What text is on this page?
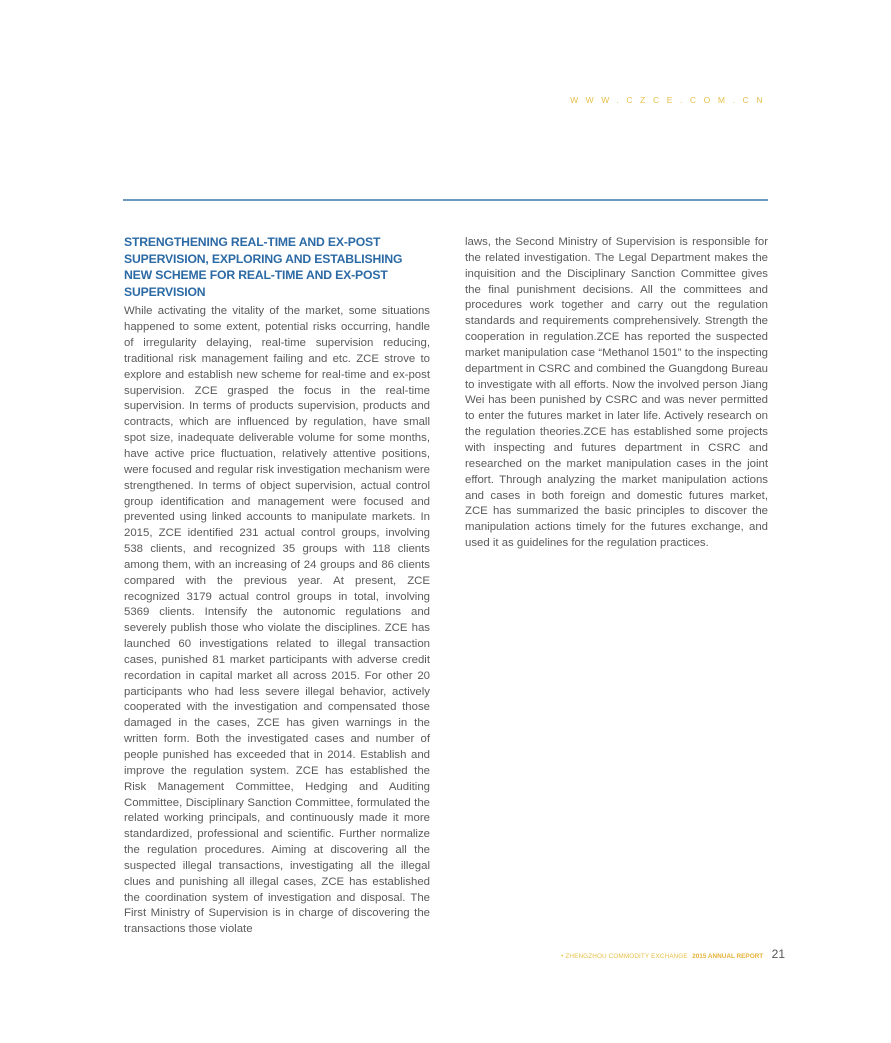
WWW.CZCE.COM.CN
STRENGTHENING REAL-TIME AND EX-POST SUPERVISION, EXPLORING AND ESTABLISHING NEW SCHEME FOR REAL-TIME AND EX-POST SUPERVISION

While activating the vitality of the market, some situations happened to some extent, potential risks occurring, handle of irregularity delaying, real-time supervision reducing, traditional risk management failing and etc. ZCE strove to explore and establish new scheme for real-time and ex-post supervision. ZCE grasped the focus in the real-time supervision. In terms of products supervision, products and contracts, which are influenced by regulation, have small spot size, inadequate deliverable volume for some months, have active price fluctuation, relatively attentive positions, were focused and regular risk investigation mechanism were strengthened. In terms of object supervision, actual control group identification and management were focused and prevented using linked accounts to manipulate markets. In 2015, ZCE identified 231 actual control groups, involving 538 clients, and recognized 35 groups with 118 clients among them, with an increasing of 24 groups and 86 clients compared with the previous year. At present, ZCE recognized 3179 actual control groups in total, involving 5369 clients. Intensify the autonomic regulations and severely publish those who violate the disciplines. ZCE has launched 60 investigations related to illegal transaction cases, punished 81 market participants with adverse credit recordation in capital market all across 2015. For other 20 participants who had less severe illegal behavior, actively cooperated with the investigation and compensated those damaged in the cases, ZCE has given warnings in the written form. Both the investigated cases and number of people punished has exceeded that in 2014. Establish and improve the regulation system. ZCE has established the Risk Management Committee, Hedging and Auditing Committee, Disciplinary Sanction Committee, formulated the related working principals, and continuously made it more standardized, professional and scientific. Further normalize the regulation procedures. Aiming at discovering all the suspected illegal transactions, investigating all the illegal clues and punishing all illegal cases, ZCE has established the coordination system of investigation and disposal. The First Ministry of Supervision is in charge of discovering the transactions those violate

laws, the Second Ministry of Supervision is responsible for the related investigation. The Legal Department makes the inquisition and the Disciplinary Sanction Committee gives the final punishment decisions. All the committees and procedures work together and carry out the regulation standards and requirements comprehensively. Strength the cooperation in regulation.ZCE has reported the suspected market manipulation case “Methanol 1501” to the inspecting department in CSRC and combined the Guangdong Bureau to investigate with all efforts. Now the involved person Jiang Wei has been punished by CSRC and was never permitted to enter the futures market in later life. Actively research on the regulation theories.ZCE has established some projects with inspecting and futures department in CSRC and researched on the market manipulation cases in the joint effort. Through analyzing the market manipulation actions and cases in both foreign and domestic futures market, ZCE has summarized the basic principles to discover the manipulation actions timely for the futures exchange, and used it as guidelines for the regulation practices.

• ZHENGZHOU COMMODITY EXCHANGE 2015 ANNUAL REPORT 21
